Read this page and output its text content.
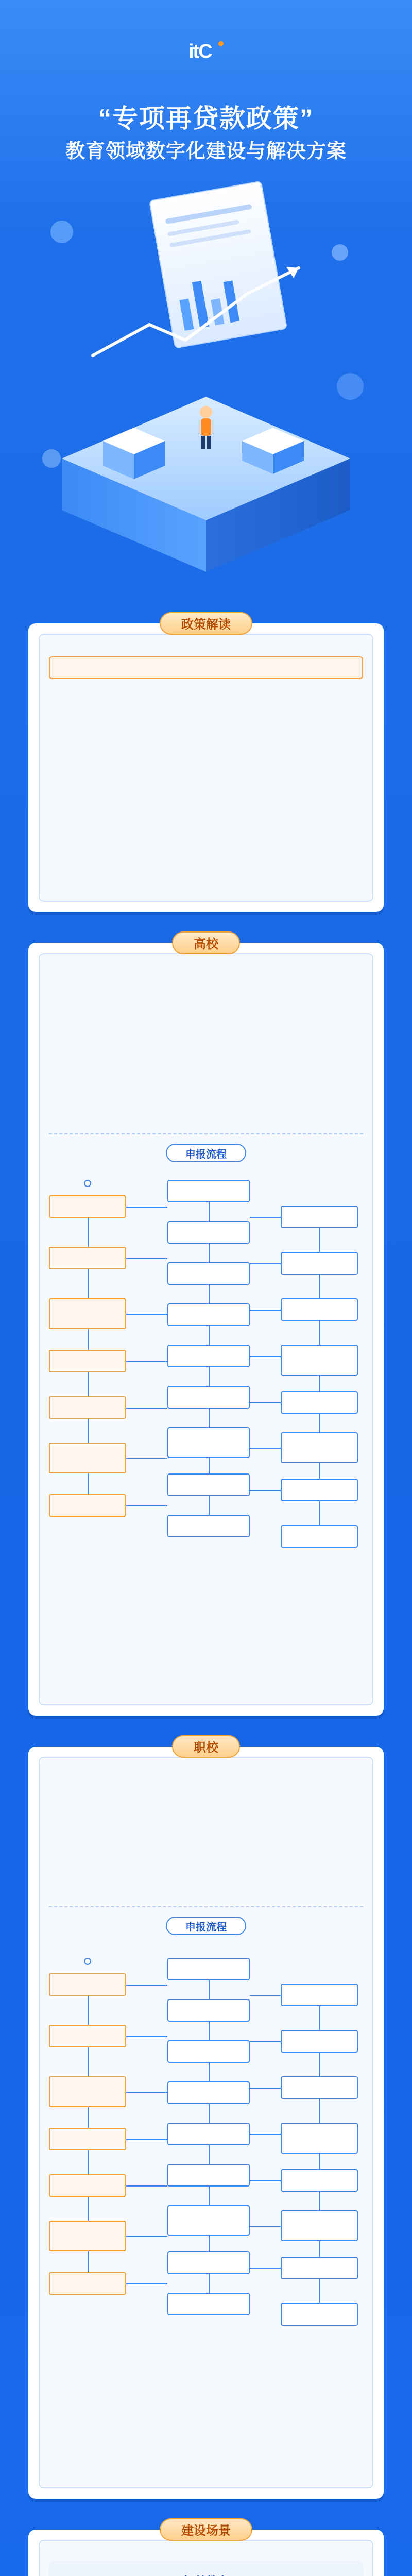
itC
“专项再贷款政策”
教育领域数字化建设与解决方案
政策解读
高校
申报流程
职校
申报流程
建设场景
